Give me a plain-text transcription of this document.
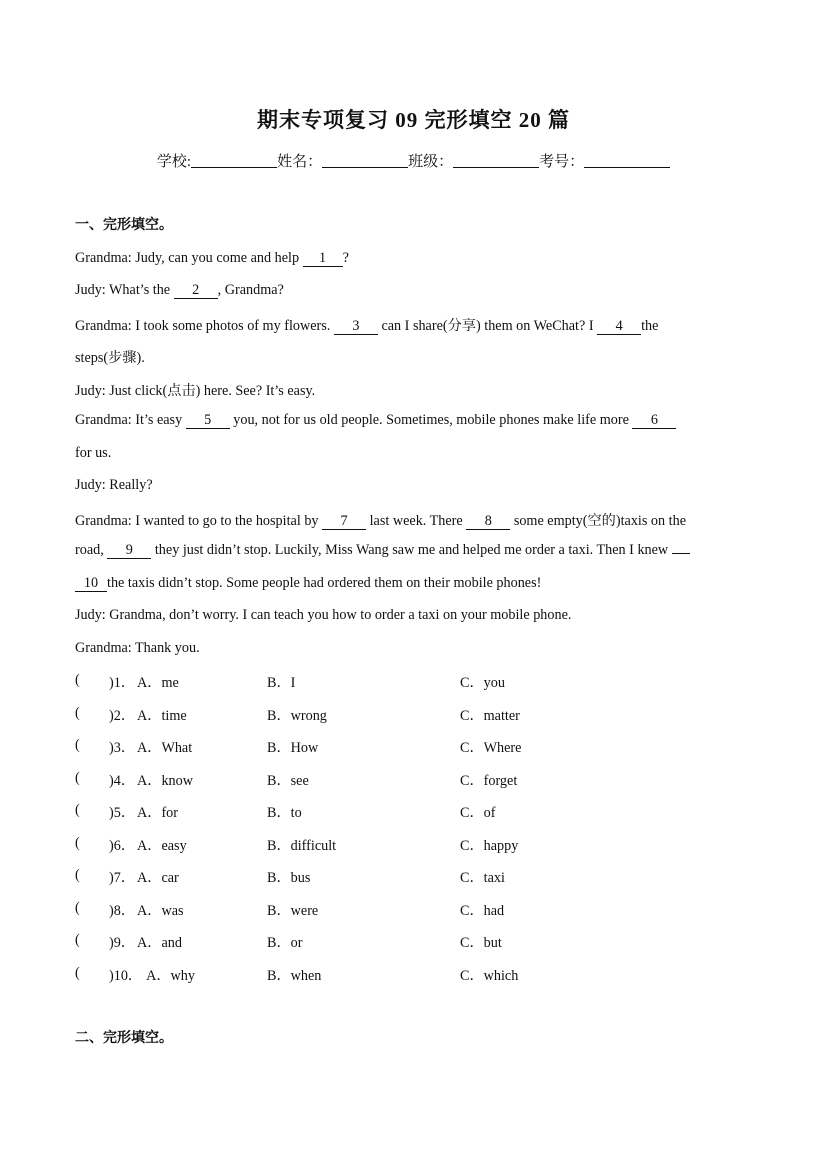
期末专项复习 09 完形填空 20 篇
学校:	姓名：	班级：	考号：
一、完形填空。
Grandma: Judy, can you come and help 1 ?
Judy: What’s the 2 , Grandma?
Grandma: I took some photos of my flowers. 3 can I share(分享) them on WeChat? I 4 the
steps(步骤).
Judy: Just click(点击) here. See? It’s easy.
Grandma: It’s easy 5 you, not for us old people. Sometimes, mobile phones make life more 6
for us.
Judy: Really?
Grandma: I wanted to go to the hospital by 7 last week. There 8 some empty(空的)taxis on the
road, 9 they just didn’t stop. Luckily, Miss Wang saw me and helped me order a taxi. Then I knew
10 the taxis didn’t stop. Some people had ordered them on their mobile phones!
Judy: Grandma, don’t worry. I can teach you how to order a taxi on your mobile phone.
Grandma: Thank you.
( )1． A．me	B．I	C．you
( )2． A．time	B．wrong	C．matter
( )3． A．What	B．How	C．Where
( )4． A．know	B．see	C．forget
( )5． A．for	B．to	C．of
( )6． A．easy	B．difficult	C．happy
( )7． A．car	B．bus	C．taxi
( )8． A．was	B．were	C．had
( )9． A．and	B．or	C．but
( )10． A．why	B．when	C．which
二、完形填空。
